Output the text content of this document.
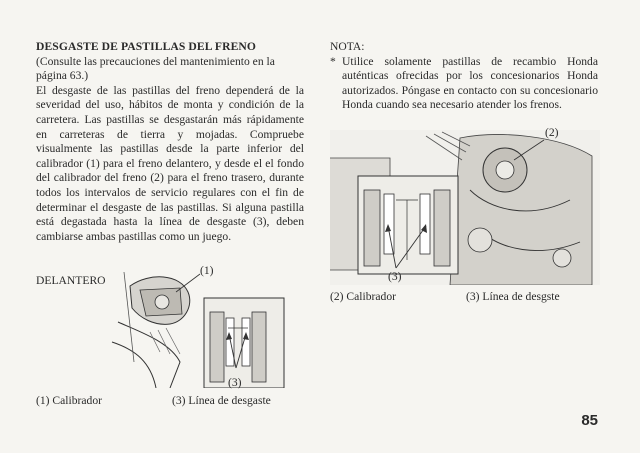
DESGASTE DE PASTILLAS DEL FRENO

(Consulte las precauciones del mantenimiento en la página 63.)

El desgaste de las pastillas del freno dependerá de la severidad del uso, hábitos de monta y condición de la carretera. Las pastillas se desgastarán más rápidamente en carreteras de tierra y mojadas. Compruebe visualmente las pastillas desde la parte inferior del calibrador (1) para el freno delantero, y desde el el fondo del calibrador del freno (2) para el freno trasero, durante todos los intervalos de servicio regulares con el fin de determinar el desgaste de las pastillas. Si alguna pastilla está degastada hasta la línea de desgaste (3), deben cambiarse ambas pastillas como un juego.

DELANTERO
(1)
(3)
(1) Calibrador	(3) Línea de desgaste
NOTA:
* Utilice solamente pastillas de recambio Honda auténticas ofrecidas por los concesionarios Honda autorizados. Póngase en contacto con su concesionario Honda cuando sea necesario atender los frenos.
(2)
(3)
(2) Calibrador	(3) Línea de desgste
85
